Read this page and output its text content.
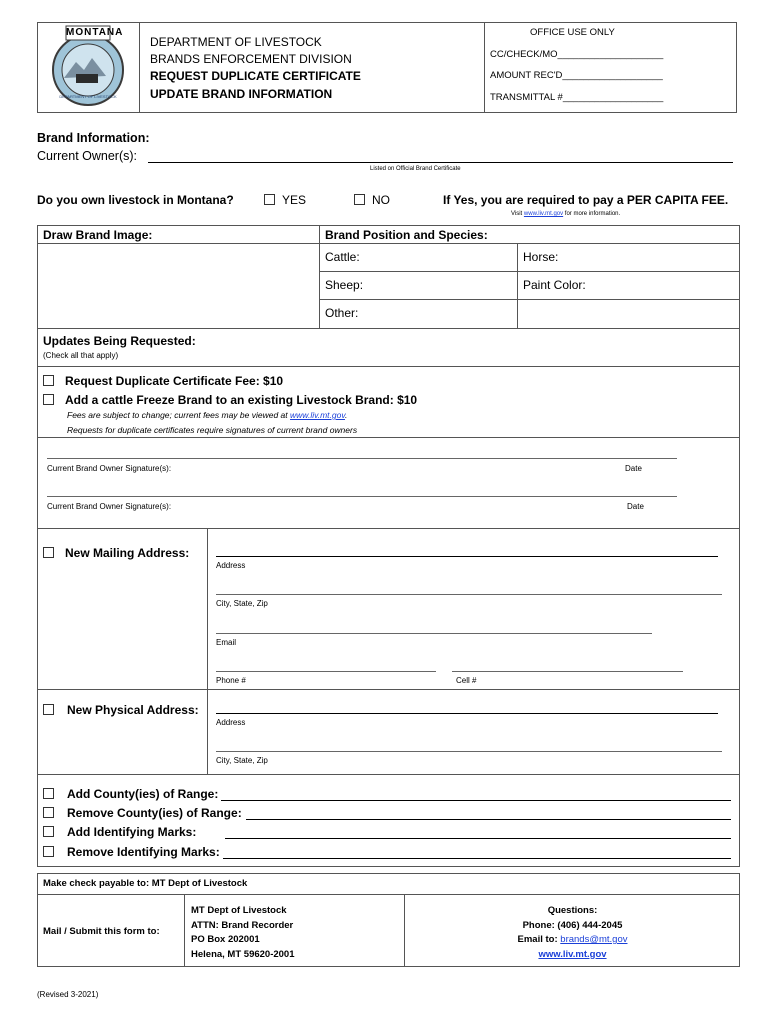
MONTANA
DEPARTMENT OF LIVESTOCK
DEPARTMENT OF LIVESTOCK
BRANDS ENFORCEMENT DIVISION
REQUEST DUPLICATE CERTIFICATE
UPDATE BRAND INFORMATION
OFFICE USE ONLY
CC/CHECK/MO____________________
AMOUNT REC'D___________________
TRANSMITTAL #___________________
Brand Information:
Current Owner(s):
Listed on Official Brand Certificate
Do you own livestock in Montana?	YES	NO	If Yes, you are required to pay a PER CAPITA FEE.
Visit www.liv.mt.gov for more information.
Draw Brand Image:	Brand Position and Species:
Cattle:	Horse:
Sheep:	Paint Color:
Other:
Updates Being Requested:
(Check all that apply)
Request Duplicate Certificate Fee: $10
Add a cattle Freeze Brand to an existing Livestock Brand: $10
Fees are subject to change; current fees may be viewed at www.liv.mt.gov.
Requests for duplicate certificates require signatures of current brand owners
Current Brand Owner Signature(s):	Date
Current Brand Owner Signature(s):	Date
New Mailing Address:
Address
City, State, Zip
Email
Phone #	Cell #
New Physical Address:
Address
City, State, Zip
Add County(ies) of Range:
Remove County(ies) of Range:
Add Identifying Marks:
Remove Identifying Marks:
Make check payable to: MT Dept of Livestock
Mail / Submit this form to:
MT Dept of Livestock
ATTN: Brand Recorder
PO Box 202001
Helena, MT 59620-2001
Questions:
Phone: (406) 444-2045
Email to: brands@mt.gov
www.liv.mt.gov
(Revised 3-2021)
